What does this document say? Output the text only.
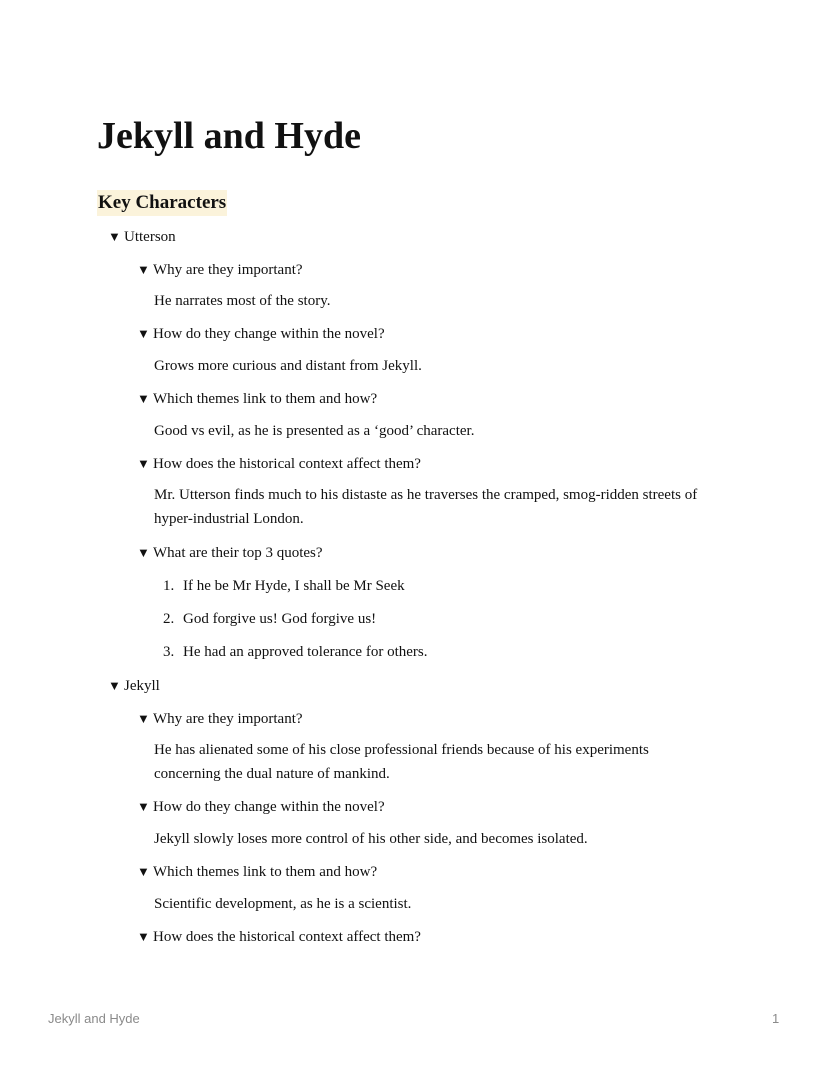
Jekyll and Hyde
Key Characters
▼ Utterson
▼ Why are they important?
He narrates most of the story.
▼ How do they change within the novel?
Grows more curious and distant from Jekyll.
▼ Which themes link to them and how?
Good vs evil, as he is presented as a ‘good’ character.
▼ How does the historical context affect them?
Mr. Utterson finds much to his distaste as he traverses the cramped, smog-ridden streets of hyper-industrial London.
▼ What are their top 3 quotes?
1. If he be Mr Hyde, I shall be Mr Seek
2. God forgive us! God forgive us!
3. He had an approved tolerance for others.
▼ Jekyll
▼ Why are they important?
He has alienated some of his close professional friends because of his experiments concerning the dual nature of mankind.
▼ How do they change within the novel?
Jekyll slowly loses more control of his other side, and becomes isolated.
▼ Which themes link to them and how?
Scientific development, as he is a scientist.
▼ How does the historical context affect them?
Jekyll and Hyde	1
